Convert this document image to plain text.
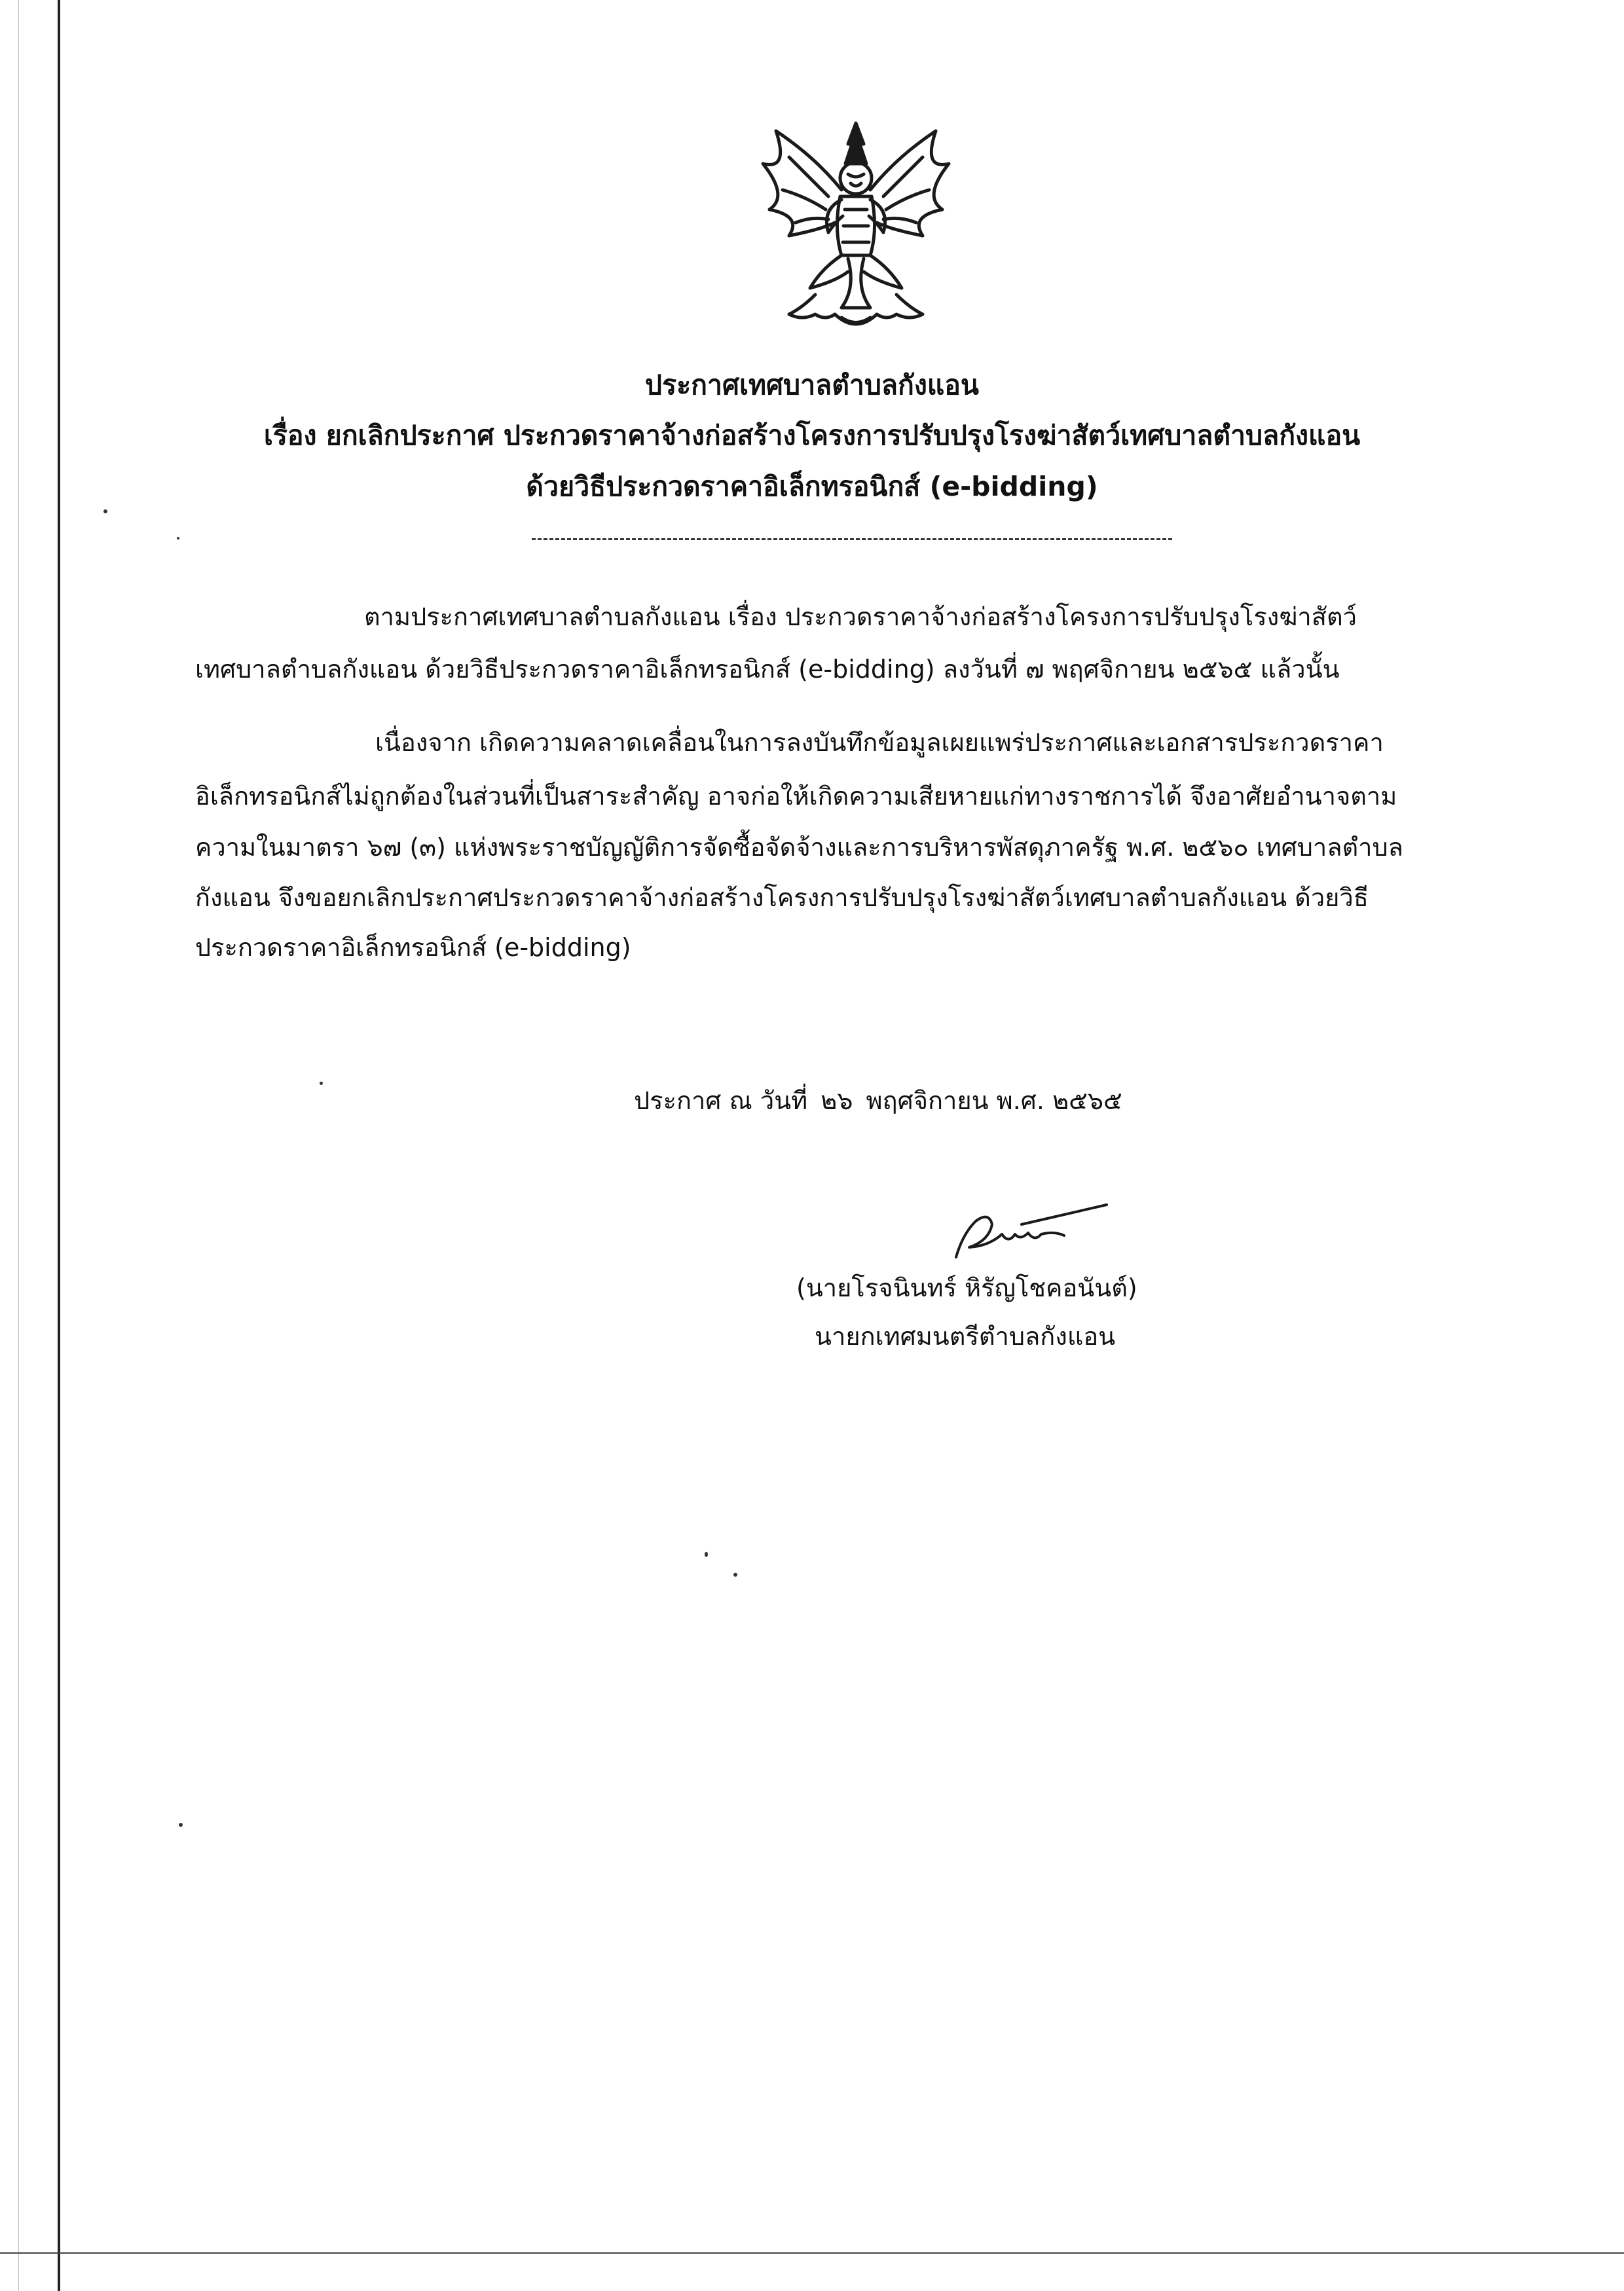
ประกาศเทศบาลตำบลกังแอน
เรื่อง ยกเลิกประกาศ ประกวดราคาจ้างก่อสร้างโครงการปรับปรุงโรงฆ่าสัตว์เทศบาลตำบลกังแอน
ด้วยวิธีประกวดราคาอิเล็กทรอนิกส์ (e-bidding)
ตามประกาศเทศบาลตำบลกังแอน เรื่อง ประกวดราคาจ้างก่อสร้างโครงการปรับปรุงโรงฆ่าสัตว์
เทศบาลตำบลกังแอน ด้วยวิธีประกวดราคาอิเล็กทรอนิกส์ (e-bidding) ลงวันที่ ๗ พฤศจิกายน ๒๕๖๕ แล้วนั้น
เนื่องจาก เกิดความคลาดเคลื่อนในการลงบันทึกข้อมูลเผยแพร่ประกาศและเอกสารประกวดราคา
อิเล็กทรอนิกส์ไม่ถูกต้องในส่วนที่เป็นสาระสำคัญ อาจก่อให้เกิดความเสียหายแก่ทางราชการได้ จึงอาศัยอำนาจตาม
ความในมาตรา ๖๗ (๓) แห่งพระราชบัญญัติการจัดซื้อจัดจ้างและการบริหารพัสดุภาครัฐ พ.ศ. ๒๕๖๐ เทศบาลตำบล
กังแอน จึงขอยกเลิกประกาศประกวดราคาจ้างก่อสร้างโครงการปรับปรุงโรงฆ่าสัตว์เทศบาลตำบลกังแอน ด้วยวิธี
ประกวดราคาอิเล็กทรอนิกส์ (e-bidding)
ประกาศ ณ วันที่ ๒๖ พฤศจิกายน พ.ศ. ๒๕๖๕
(นายโรจนินทร์ หิรัญโชคอนันต์)
นายกเทศมนตรีตำบลกังแอน
